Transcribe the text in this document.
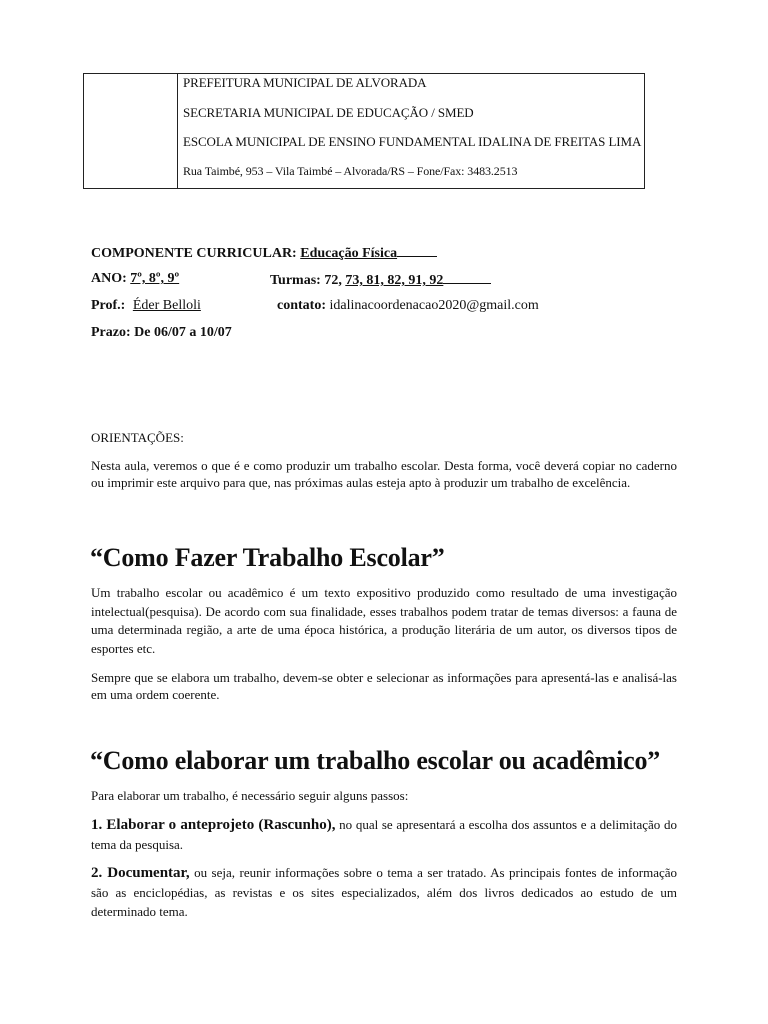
PREFEITURA MUNICIPAL DE ALVORADA
SECRETARIA MUNICIPAL DE EDUCAÇÃO / SMED
ESCOLA MUNICIPAL DE ENSINO FUNDAMENTAL IDALINA DE FREITAS LIMA
Rua Taimbé, 953 – Vila Taimbé – Alvorada/RS – Fone/Fax: 3483.2513
COMPONENTE CURRICULAR: Educação Física
ANO: 7º, 8º, 9º	Turmas: 72, 73, 81, 82, 91, 92
Prof.: Éder Belloli	contato: idalinacoordenacao2020@gmail.com
Prazo: De 06/07 a 10/07
ORIENTAÇÕES:
Nesta aula, veremos o que é e como produzir um trabalho escolar. Desta forma, você deverá copiar no caderno ou imprimir este arquivo para que, nas próximas aulas esteja apto à produzir um trabalho de excelência.
“Como Fazer Trabalho Escolar”
Um trabalho escolar ou acadêmico é um texto expositivo produzido como resultado de uma investigação intelectual(pesquisa). De acordo com sua finalidade, esses trabalhos podem tratar de temas diversos: a fauna de uma determinada região, a arte de uma época histórica, a produção literária de um autor, os diversos tipos de esportes etc.
Sempre que se elabora um trabalho, devem-se obter e selecionar as informações para apresentá-las e analisá-las em uma ordem coerente.
“Como elaborar um trabalho escolar ou acadêmico”
Para elaborar um trabalho, é necessário seguir alguns passos:
1. Elaborar o anteprojeto (Rascunho), no qual se apresentará a escolha dos assuntos e a delimitação do tema da pesquisa.
2. Documentar, ou seja, reunir informações sobre o tema a ser tratado. As principais fontes de informação são as enciclopédias, as revistas e os sites especializados, além dos livros dedicados ao estudo de um determinado tema.
